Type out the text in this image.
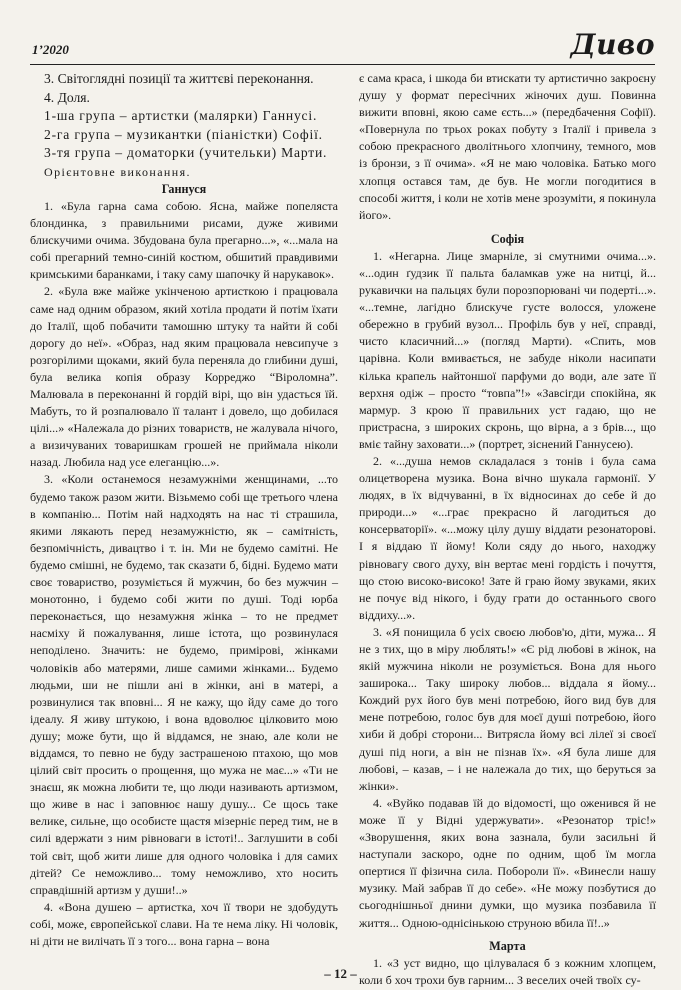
1’2020	Диво

3. Світоглядні позиції та життєві переконання.

4. Доля.

1-ша група – артистки (малярки) Ганнусі.

2-га група – музикантки (піаністки) Софії.

3-тя група – доматорки (учительки) Марти.

Орієнтовне виконання.

Ганнуся

1. «Була гарна сама собою. Ясна, майже попеляста блондинка, з правильними рисами, дуже живими блискучими очима. Збудована була прегарно...», «...мала на собі прегарний темно-синій костюм, обшитий правдивими кримськими баранками, і таку саму шапочку й нарукавок».

2. «Була вже майже укінченою артисткою і працювала саме над одним образом, який хотіла продати й потім їхати до Італії, щоб побачити тамошню штуку та найти й собі дорогу до неї». «Образ, над яким працювала невсипуче з розгорілими щоками, який була переняла до глибини душі, була велика копія образу Корреджо “Віроломна”. Малювала в переконанні й гордій вірі, що він удасться їй. Мабуть, то й розпалювало її талант і довело, що добилася цілі...» «Належала до різних товариств, не жалувала нічого, а визичуваних товаришкам грошей не приймала ніколи назад. Любила над усе елеганцію...».

3. «Коли останемося незамужніми женщинами, ...то будемо також разом жити. Візьмемо собі ще третього члена в компанію... Потім най надходять на нас ті страшила, якими лякають перед незамужністю, як – самітність, безпомічність, дивацтво і т. ін. Ми не будемо самітні. Не будемо смішні, не будемо, так сказати б, бідні. Будемо мати своє товариство, розуміється й мужчин, бо без мужчин – монотонно, і будемо собі жити по душі. Тоді юрба переконається, що незамужня жінка – то не предмет насміху й пожалування, лише істота, що розвинулася неподілено. Значить: не будемо, примірові, жінками чоловіків або матерями, лише самими жінками... Будемо людьми, ши не пішли ані в жінки, ані в матері, а розвинулися так вповні... Я не кажу, що йду саме до того ідеалу. Я живу штукою, і вона вдоволює цілковито мою душу; може бути, що й віддамся, не знаю, але коли не віддамся, то певно не буду застрашеною птахою, що мов цілий світ просить о прощення, що мужа не має...» «Ти не знаєш, як можна любити те, що люди називають артизмом, що живе в нас і заповнює нашу душу... Се щось таке велике, сильне, що особисте щастя мізерніє перед тим, не в силі вдержати з ним рівноваги в істоті!.. Заглушити в собі той світ, щоб жити лише для одного чоловіка і для самих дітей? Се неможливо... тому неможливо, хто носить справдішній артизм у души!..»

4. «Вона душею – артистка, хоч її твори не здобудуть собі, може, європейської слави. На те нема ліку. Ні чоловік, ні діти не вилічать її з того... вона гарна – вона

є сама краса, і шкода би втискати ту артистичнo закроєну душу у формат пересічних жіночих душ. Повинна вижити вповні, якою саме єсть...» (передбачення Софії). «Повернула по трьох роках побуту з Італії і привела з собою прекрасного дволітнього хлопчину, темного, мов із бронзи, з її очима». «Я не маю чоловіка. Батько мого хлопця остався там, де був. Не могли погодитися в способі життя, і коли не хотів мене зрозуміти, я покинула його».

Софія

1. «Негарна. Лице змарніле, зі смутними очима...». «...один ґудзик її пальта баламкав уже на нитці, й... рукавички на пальцях були порозпорювані чи подерті...». «...темне, лагідно блискуче густе волосся, уложене обережно в грубий вузол... Профіль був у неї, справді, чисто класичний...» (погляд Марти). «Спить, мов царівна. Коли вмивається, не забуде ніколи насипати кілька крапель найтоншої парфуми до води, але зате її верхня одіж – просто “товпа”!» «Завсігди спокійна, як мармур. З крою її правильних уст гадаю, що не пристрасна, з широких скронь, що вірна, а з брів..., що вміє тайну заховати...» (портрет, зіснений Ганнусею).

2. «...душа немов складалася з тонів і була сама олицетворена музика. Вона вічно шукала гармонії. У людях, в їх відчуванні, в їх відносинах до себе й до природи...» «...грає прекрасно й лагодиться до консерваторії». «...можу цілу душу віддати резонаторові. І я віддаю її йому! Коли сяду до нього, находжу рівновагу свого духу, він вертає мені гордість і почуття, що стою високо-високо! Зате й граю йому звуками, яких не почує від нікого, і буду грати до останнього свого віддиху...».

3. «Я понищила б усіх своєю любов'ю, діти, мужа... Я не з тих, що в міру люблять!» «Є рід любові в жінок, на якій мужчина ніколи не розуміється. Вона для нього заширока... Таку широку любов... віддала я йому... Кождий рух його був мені потребою, його вид був для мене потребою, голос був для моєї душі потребою, його хиби й добрі сторони... Витрясла йому всі лілеї зі своєї душі під ноги, а він не пізнав їх». «Я була лише для любові, – казав, – і не належала до тих, що беруться за жінки».

4. «Вуйко подавав їй до відомості, що оженився й не може її у Відні удержувати». «Резонатор тріс!» «Зворушення, яких вона зазнала, були засильні й наступали заскоро, одне по одним, щоб їм могла опертися її фізична сила. Побороли її». «Винесли нашу музику. Май забрав її до себе». «Не можу позбутися до сьогоднішньої днини думки, що музика позбавила її життя... Одною-однісінькою струною вбила її!..»

Марта

1. «З уст видно, що цілувалася б з кожним хлопцем, коли б хоч трохи був гарним... З веселих очей твоїх су-

– 12 –
